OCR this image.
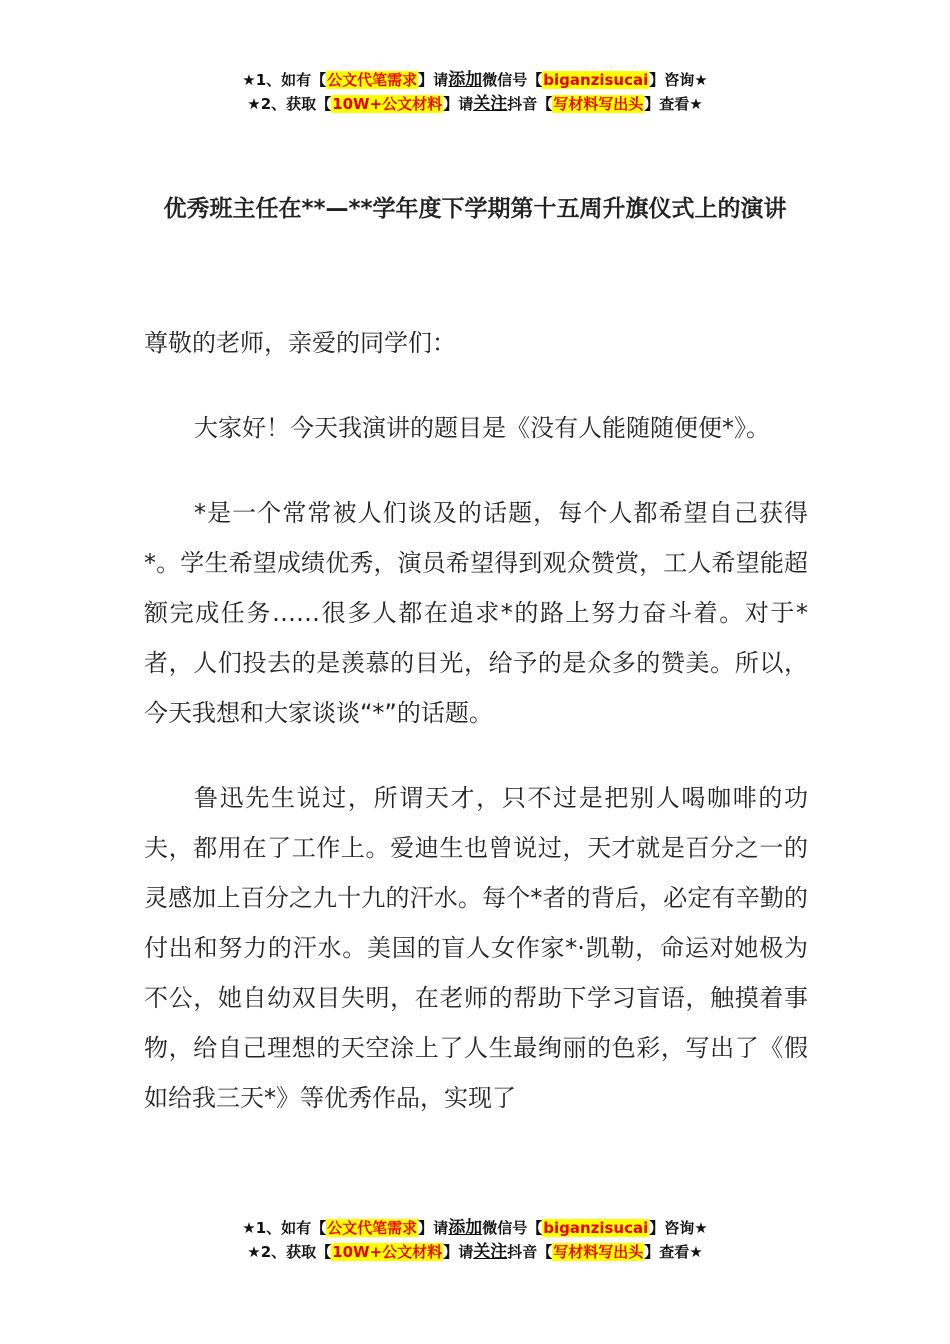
★1、如有【公文代笔需求】请添加微信号【biganzisucai】咨询★
★2、获取【10W+公文材料】请关注抖音【写材料写出头】查看★
优秀班主任在**—**学年度下学期第十五周升旗仪式上的演讲

尊敬的老师，亲爱的同学们：

大家好！今天我演讲的题目是《没有人能随随便便*》。

*是一个常常被人们谈及的话题，每个人都希望自己获得*。学生希望成绩优秀，演员希望得到观众赞赏，工人希望能超额完成任务……很多人都在追求*的路上努力奋斗着。对于*者，人们投去的是羡慕的目光，给予的是众多的赞美。所以，今天我想和大家谈谈“*”的话题。

鲁迅先生说过，所谓天才，只不过是把别人喝咖啡的功夫，都用在了工作上。爱迪生也曾说过，天才就是百分之一的灵感加上百分之九十九的汗水。每个*者的背后，必定有辛勤的付出和努力的汗水。美国的盲人女作家*·凯勒，命运对她极为不公，她自幼双目失明，在老师的帮助下学习盲语，触摸着事物，给自己理想的天空涂上了人生最绚丽的色彩，写出了《假如给我三天*》等优秀作品，实现了

★1、如有【公文代笔需求】请添加微信号【biganzisucai】咨询★
★2、获取【10W+公文材料】请关注抖音【写材料写出头】查看★
